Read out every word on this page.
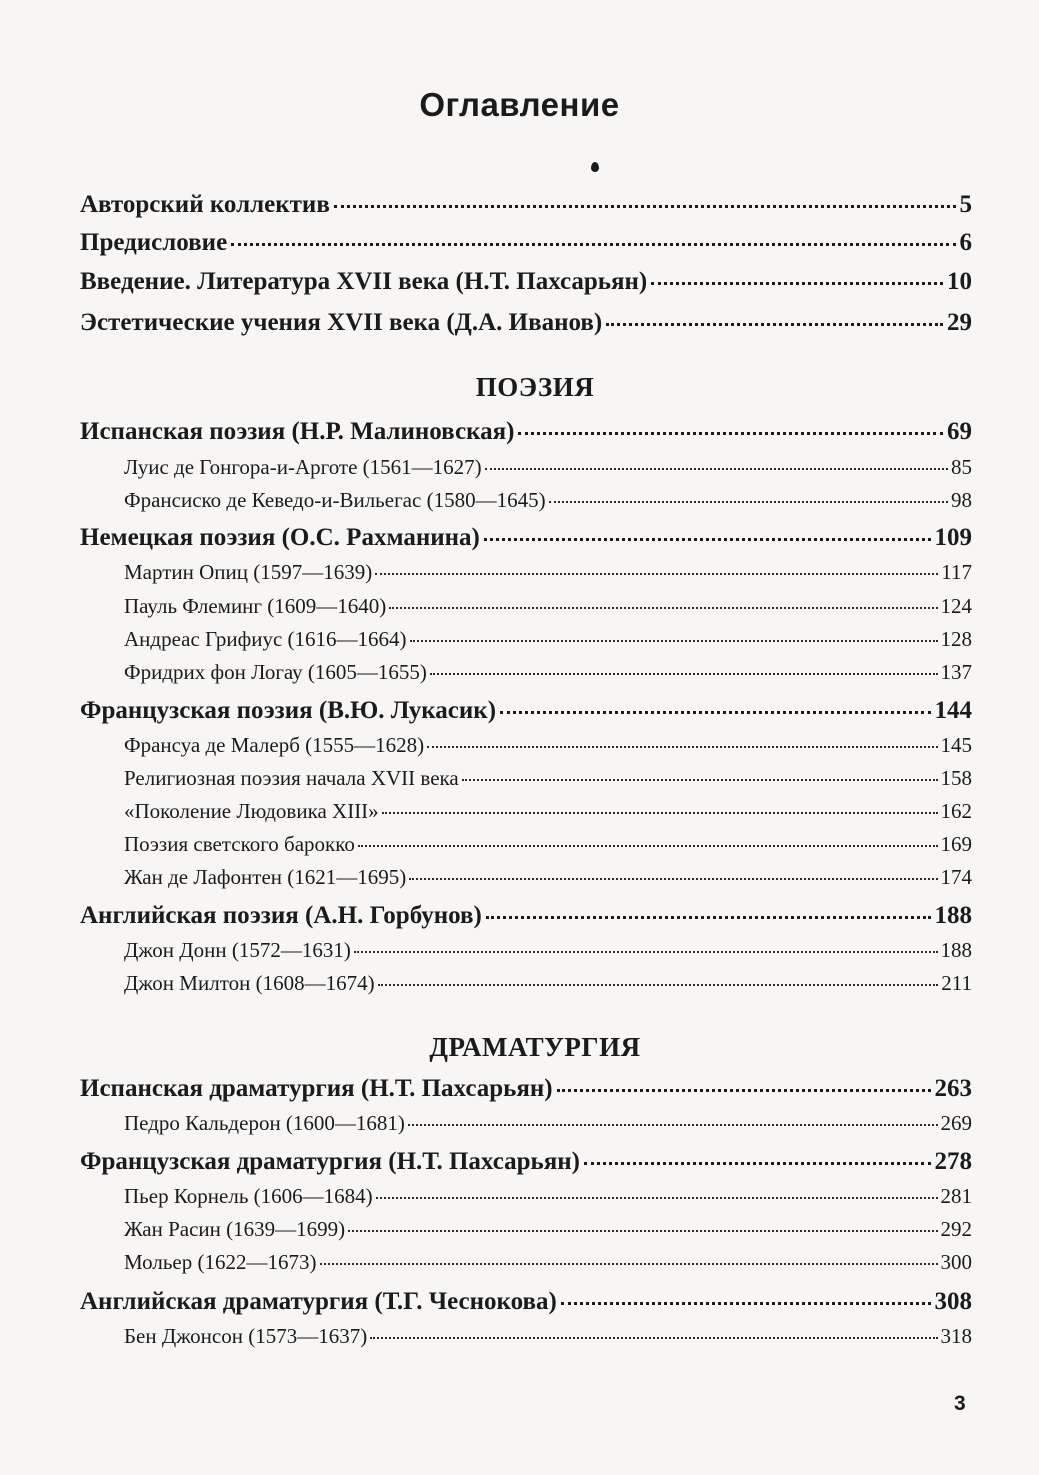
Оглавление
Авторский коллектив	5
Предисловие	6
Введение. Литература XVII века (Н.Т. Пахсарьян)	10
Эстетические учения XVII века (Д.А. Иванов)	29
ПОЭЗИЯ
Испанская поэзия (Н.Р. Малиновская)	69
Луис де Гонгора-и-Арготе (1561—1627)	85
Франсиско де Кеведо-и-Вильегас (1580—1645)	98
Немецкая поэзия (О.С. Рахманина)	109
Мартин Опиц (1597—1639)	117
Пауль Флеминг (1609—1640)	124
Андреас Грифиус (1616—1664)	128
Фридрих фон Логау (1605—1655)	137
Французская поэзия (В.Ю. Лукасик)	144
Франсуа де Малерб (1555—1628)	145
Религиозная поэзия начала XVII века	158
«Поколение Людовика XIII»	162
Поэзия светского барокко	169
Жан де Лафонтен (1621—1695)	174
Английская поэзия (А.Н. Горбунов)	188
Джон Донн (1572—1631)	188
Джон Милтон (1608—1674)	211
ДРАМАТУРГИЯ
Испанская драматургия (Н.Т. Пахсарьян)	263
Педро Кальдерон (1600—1681)	269
Французская драматургия (Н.Т. Пахсарьян)	278
Пьер Корнель (1606—1684)	281
Жан Расин (1639—1699)	292
Мольер (1622—1673)	300
Английская драматургия (Т.Г. Чеснокова)	308
Бен Джонсон (1573—1637)	318
3
